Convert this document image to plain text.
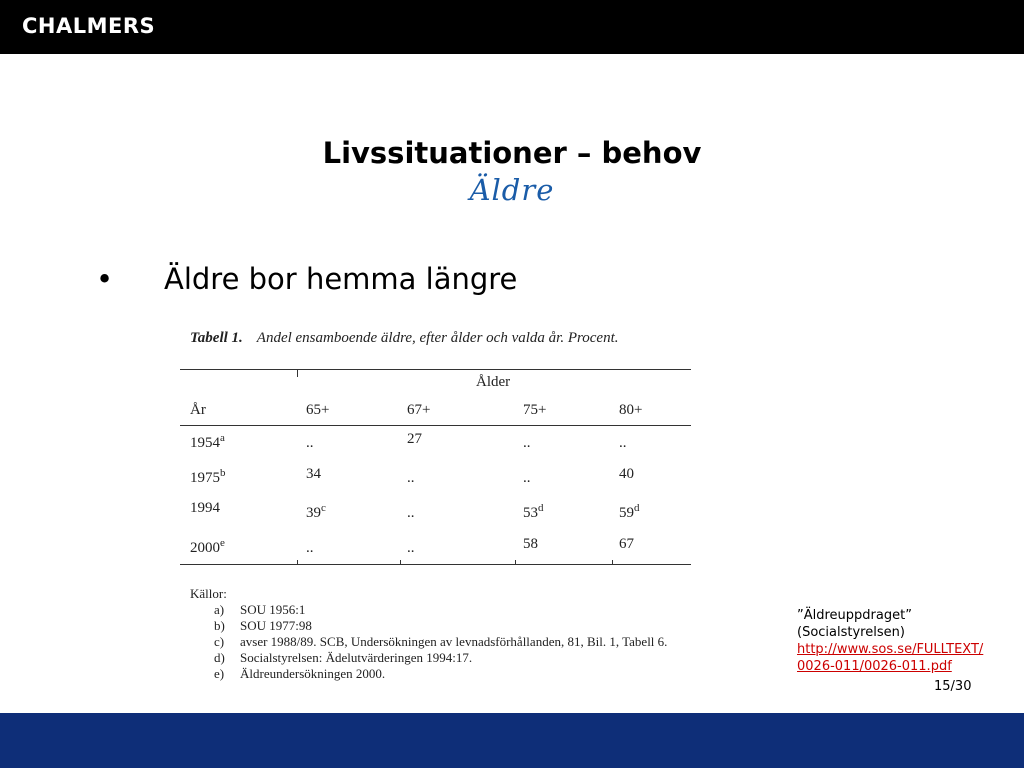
CHALMERS
Livssituationer – behov
Äldre
• Äldre bor hemma längre
Tabell 1. Andel ensamboende äldre, efter ålder och valda år. Procent.
Ålder
År	65+	67+	75+	80+
$1954^a$	..	27	..	..
1975$^b$	34	..	..	40
1994	39$^c$	..	53$^d$	59$^d$
2000e	..	..	58	67
Källor:
a) SOU 1956:1
b) SOU 1977:98
c) avser 1988/89. SCB, Undersökningen av levnadsförhållanden, 81, Bil. 1, Tabell 6.
d) Socialstyrelsen: Ädelutvärderingen 1994:17.
e) Äldreundersökningen 2000.
”Äldreuppdraget”
(Socialstyrelsen)
http://www.sos.se/FULLTEXT/0026-011/0026-011.pdf
15/30
